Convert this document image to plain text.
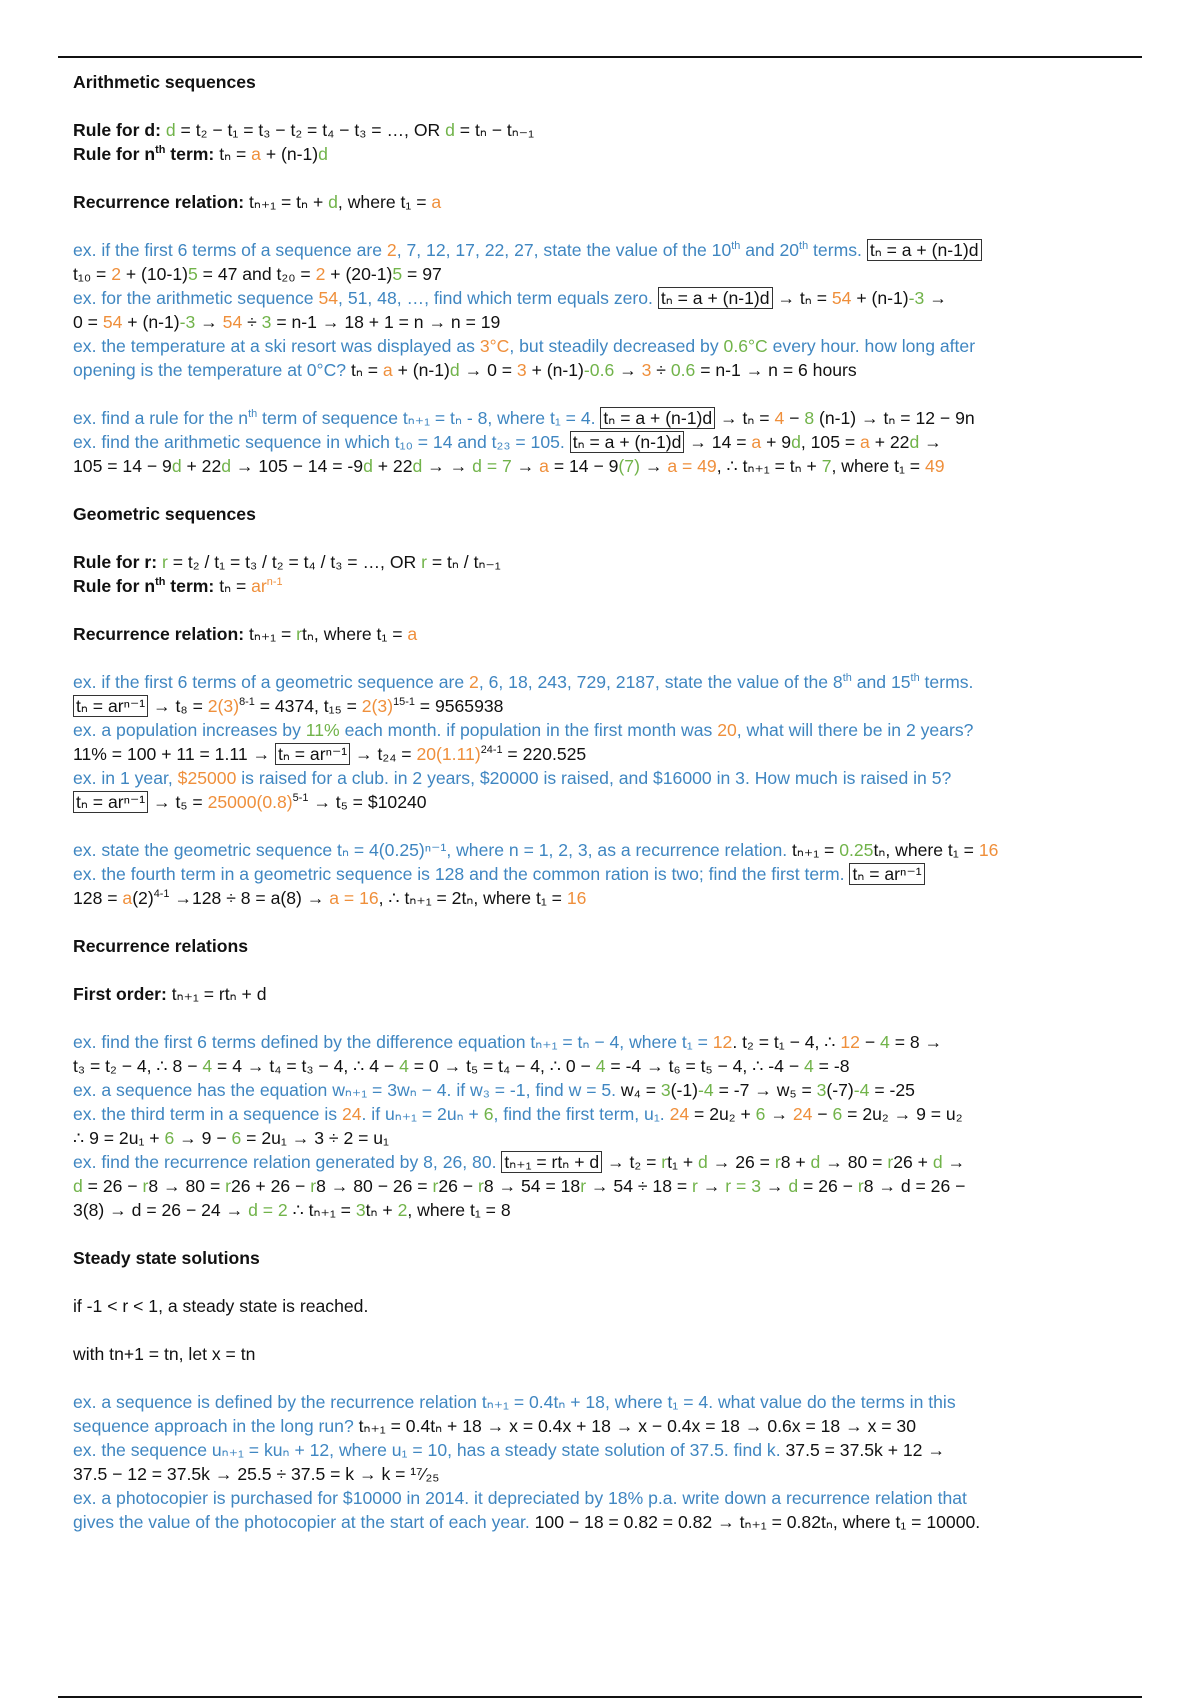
Arithmetic sequences
Rule for d: d = t₂ − t₁ = t₃ − t₂ = t₄ − t₃ = …, OR d = tₙ − tₙ₋₁
Rule for $n^{th}$ term: tₙ = a + (n-1)d
Recurrence relation: tₙ₊₁ = tₙ + d, where t₁ = a
ex. if the first 6 terms of a sequence are 2, 7, 12, 17, 22, 27, state the value of the 10th and 20th terms. tₙ = a + (n-1)d
t₁₀ = 2 + (10-1)5 = 47 and t₂₀ = 2 + (20-1)5 = 97
ex. for the arithmetic sequence 54, 51, 48, …, find which term equals zero. tₙ = a + (n-1)d → tₙ = 54 + (n-1)-3 →
0 = 54 + (n-1)-3 → 54 ÷ 3 = n-1 → 18 + 1 = n → n = 19
ex. the temperature at a ski resort was displayed as 3°C, but steadily decreased by 0.6°C every hour. how long after
opening is the temperature at 0°C? tₙ = a + (n-1)d → 0 = 3 + (n-1)-0.6 → 3 ÷ 0.6 = n-1 → n = 6 hours
ex. find a rule for the $n^{th}$ term of sequence tₙ₊₁ = tₙ - 8, where t₁ = 4. tₙ = a + (n-1)d → tₙ = 4 − 8 (n-1) → tₙ = 12 − 9n
ex. find the arithmetic sequence in which t₁₀ = 14 and t₂₃ = 105. tₙ = a + (n-1)d → 14 = a + 9d, 105 = a + 22d →
105 = 14 − 9d + 22d → 105 − 14 = -9d + 22d → → d = 7 → a = 14 − 9(7) → a = 49, ∴ tₙ₊₁ = tₙ + 7, where t₁ = 49
Geometric sequences
Rule for r: r = t₂ / t₁ = t₃ / t₂ = t₄ / t₃ = …, OR r = tₙ / tₙ₋₁
Rule for $n^{th}$ term: $t_n = ar^{n-1}$
Recurrence relation: tₙ₊₁ = rtₙ, where t₁ = a
ex. if the first 6 terms of a geometric sequence are 2, 6, 18, 243, 729, 2187, state the value of the 8th and 15th terms.
$t_n = ar^{n-1} \to t_8 = 2(3)^{8-1} = 4374$, $t_{15} = 2(3)^{15-1} = 9565938$
ex. a population increases by 11% each month. if population in the first month was 20, what will there be in 2 years?
$11\% = 100 + 11 = 1.11 \to t_n = ar^{n-1} \to t_{24} = 20(1.11)^{24-1} = 220.525$
ex. in 1 year, $25000 is raised for a club. in 2 years, $20000 is raised, and $16000 in 3. How much is raised in 5?
$t_n = ar^{n-1} \to t_5 = 25000(0.8)^{5-1} \to t_5$ = $10240
ex. state the geometric sequence tₙ = 4(0.25)ⁿ⁻¹, where n = 1, 2, 3, as a recurrence relation. tₙ₊₁ = 0.25tₙ, where t₁ = 16
ex. the fourth term in a geometric sequence is 128 and the common ration is two; find the first term. tₙ = arⁿ⁻¹
$128 = a(2)^{4-1} \to 128 \div 8 = a(8) \to a = 16$, ∴ tₙ₊₁ = 2tₙ, where t₁ = 16
Recurrence relations
First order: tₙ₊₁ = rtₙ + d
ex. find the first 6 terms defined by the difference equation tₙ₊₁ = tₙ − 4, where t₁ = 12. t₂ = t₁ − 4, ∴ 12 − 4 = 8 →
t₃ = t₂ − 4, ∴ 8 − 4 = 4 → t₄ = t₃ − 4, ∴ 4 − 4 = 0 → t₅ = t₄ − 4, ∴ 0 − 4 = -4 → t₆ = t₅ − 4, ∴ -4 − 4 = -8
ex. a sequence has the equation wₙ₊₁ = 3wₙ − 4. if w₃ = -1, find w = 5. w₄ = 3(-1)-4 = -7 → w₅ = 3(-7)-4 = -25
ex. the third term in a sequence is 24. if uₙ₊₁ = 2uₙ + 6, find the first term, u₁. 24 = 2u₂ + 6 → 24 − 6 = 2u₂ → 9 = u₂
∴ 9 = 2u₁ + 6 → 9 − 6 = 2u₁ → 3 ÷ 2 = u₁
ex. find the recurrence relation generated by 8, 26, 80. tₙ₊₁ = rtₙ + d → t₂ = rt₁ + d → 26 = r8 + d → 80 = r26 + d →
d = 26 − r8 → 80 = r26 + 26 − r8 → 80 − 26 = r26 − r8 → 54 = 18r → 54 ÷ 18 = r → r = 3 → d = 26 − r8 → d = 26 −
3(8) → d = 26 − 24 → d = 2 ∴ tₙ₊₁ = 3tₙ + 2, where t₁ = 8
Steady state solutions
if -1 < r < 1, a steady state is reached.
with tn+1 = tn, let x = tn
ex. a sequence is defined by the recurrence relation tₙ₊₁ = 0.4tₙ + 18, where t₁ = 4. what value do the terms in this
sequence approach in the long run? tₙ₊₁ = 0.4tₙ + 18 → x = 0.4x + 18 → x − 0.4x = 18 → 0.6x = 18 → x = 30
ex. the sequence uₙ₊₁ = kuₙ + 12, where u₁ = 10, has a steady state solution of 37.5. find k. 37.5 = 37.5k + 12 →
37.5 − 12 = 37.5k → 25.5 ÷ 37.5 = k → k = ¹⁷⁄₂₅
ex. a photocopier is purchased for $10000 in 2014. it depreciated by 18% p.a. write down a recurrence relation that
gives the value of the photocopier at the start of each year. 100 − 18 = 0.82 = 0.82 → tₙ₊₁ = 0.82tₙ, where t₁ = 10000.
